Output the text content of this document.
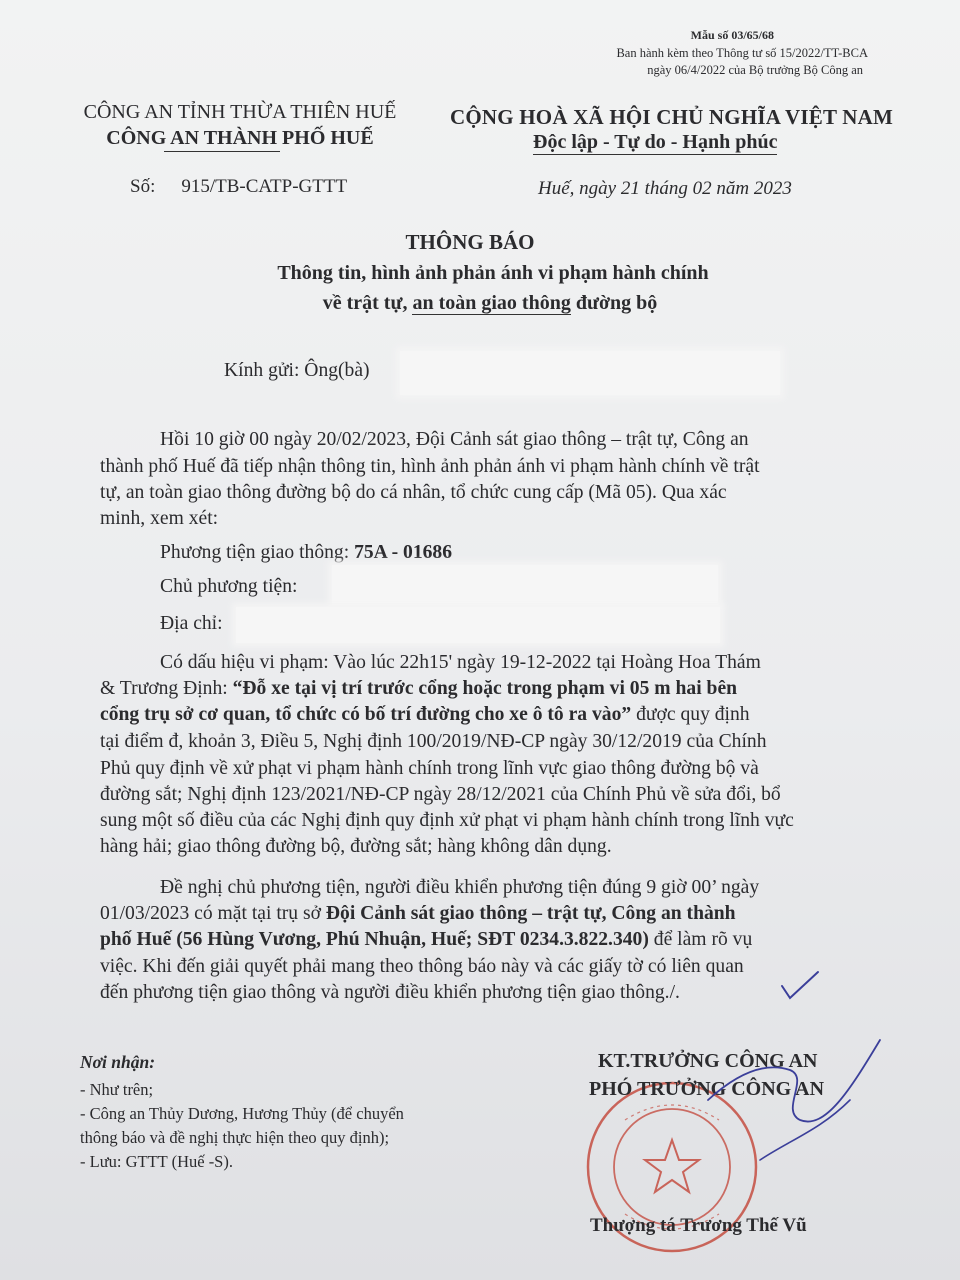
Mẫu số 03/65/68
Ban hành kèm theo Thông tư số 15/2022/TT-BCA
ngày 06/4/2022 của Bộ trưởng Bộ Công an
CÔNG AN TỈNH THỪA THIÊN HUẾ
CÔNG AN THÀNH PHỐ HUẾ
CỘNG HOÀ XÃ HỘI CHỦ NGHĨA VIỆT NAM
Độc lập - Tự do - Hạnh phúc
Số: 915/TB-CATP-GTTT	Huế, ngày 21 tháng 02 năm 2023
THÔNG BÁO
Thông tin, hình ảnh phản ánh vi phạm hành chính
về trật tự, an toàn giao thông đường bộ
Kính gửi: Ông(bà)
Hồi 10 giờ 00 ngày 20/02/2023, Đội Cảnh sát giao thông – trật tự, Công an
thành phố Huế đã tiếp nhận thông tin, hình ảnh phản ánh vi phạm hành chính về trật
tự, an toàn giao thông đường bộ do cá nhân, tổ chức cung cấp (Mã 05). Qua xác
minh, xem xét:
Phương tiện giao thông: 75A - 01686
Chủ phương tiện:
Địa chỉ:
Có dấu hiệu vi phạm: Vào lúc 22h15' ngày 19-12-2022 tại Hoàng Hoa Thám
& Trương Định: “Đỗ xe tại vị trí trước cổng hoặc trong phạm vi 05 m hai bên
cổng trụ sở cơ quan, tổ chức có bố trí đường cho xe ô tô ra vào” được quy định
tại điểm đ, khoản 3, Điều 5, Nghị định 100/2019/NĐ-CP ngày 30/12/2019 của Chính
Phủ quy định về xử phạt vi phạm hành chính trong lĩnh vực giao thông đường bộ và
đường sắt; Nghị định 123/2021/NĐ-CP ngày 28/12/2021 của Chính Phủ về sửa đổi, bổ
sung một số điều của các Nghị định quy định xử phạt vi phạm hành chính trong lĩnh vực
hàng hải; giao thông đường bộ, đường sắt; hàng không dân dụng.
Đề nghị chủ phương tiện, người điều khiển phương tiện đúng 9 giờ 00’ ngày
01/03/2023 có mặt tại trụ sở Đội Cảnh sát giao thông – trật tự, Công an thành
phố Huế (56 Hùng Vương, Phú Nhuận, Huế; SĐT 0234.3.822.340) để làm rõ vụ
việc. Khi đến giải quyết phải mang theo thông báo này và các giấy tờ có liên quan
đến phương tiện giao thông và người điều khiển phương tiện giao thông./.
Nơi nhận:
- Như trên;
- Công an Thủy Dương, Hương Thủy (để chuyển
thông báo và đề nghị thực hiện theo quy định);
- Lưu: GTTT (Huế -S).
KT.TRƯỞNG CÔNG AN
PHÓ TRƯỞNG CÔNG AN
Thượng tá Trương Thế Vũ
